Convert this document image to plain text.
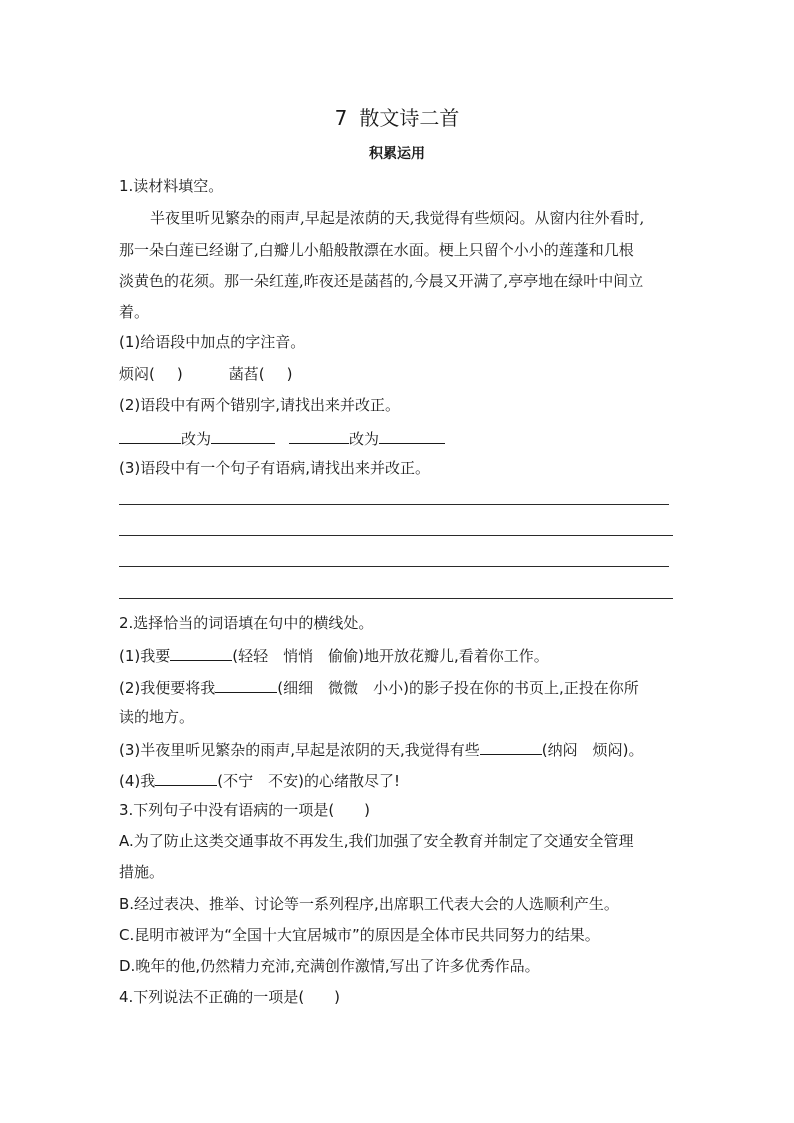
7 散文诗二首
积累运用
1.读材料填空。
半夜里听见繁杂的雨声,早起是浓荫的天,我觉得有些烦闷。从窗内往外看时,
那一朵白莲已经谢了,白瓣儿小船般散漂在水面。梗上只留个小小的莲蓬和几根
淡黄色的花须。那一朵红莲,昨夜还是菡萏的,今晨又开满了,亭亭地在绿叶中间立
着。
(1)给语段中加点的字注音。
烦闷( )	菡萏( )
(2)语段中有两个错别字,请找出来并改正。
改为	改为
(3)语段中有一个句子有语病,请找出来并改正。
2.选择恰当的词语填在句中的横线处。
(1)我要	(轻轻　悄悄　偷偷)地开放花瓣儿,看着你工作。
(2)我便要将我	(细细　微微　小小)的影子投在你的书页上,正投在你所
读的地方。
(3)半夜里听见繁杂的雨声,早起是浓阴的天,我觉得有些	(纳闷　烦闷)。
(4)我	(不宁　不安)的心绪散尽了!
3.下列句子中没有语病的一项是(　　)
A.为了防止这类交通事故不再发生,我们加强了安全教育并制定了交通安全管理
措施。
B.经过表决、推举、讨论等一系列程序,出席职工代表大会的人选顺利产生。
C.昆明市被评为“全国十大宜居城市”的原因是全体市民共同努力的结果。
D.晚年的他,仍然精力充沛,充满创作激情,写出了许多优秀作品。
4.下列说法不正确的一项是(　　)
